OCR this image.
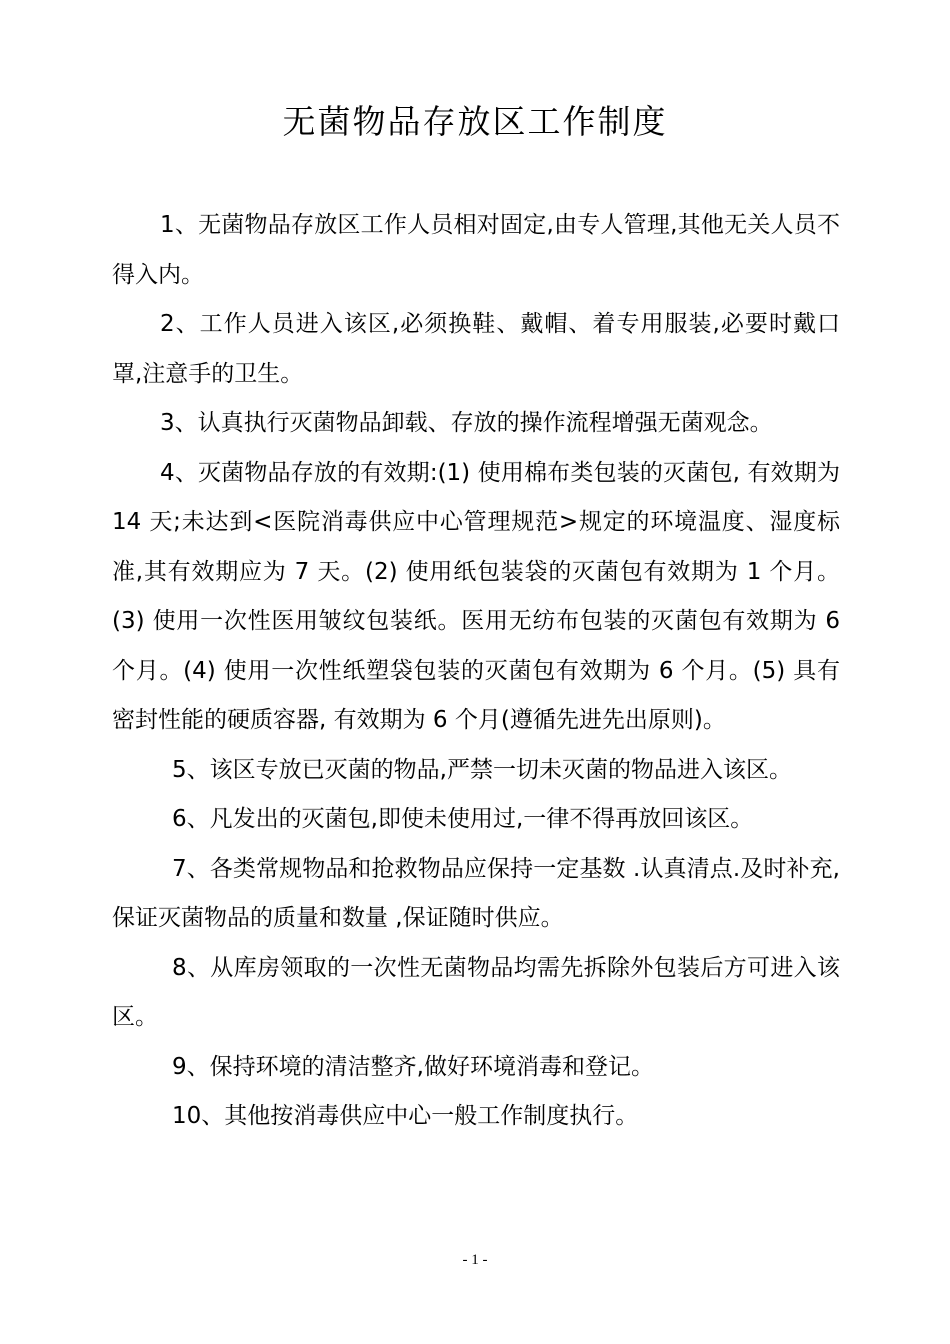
无菌物品存放区工作制度

1、无菌物品存放区工作人员相对固定,由专人管理,其他无关人员不得入内。

2、工作人员进入该区,必须换鞋、戴帽、着专用服装,必要时戴口罩,注意手的卫生。

3、认真执行灭菌物品卸载、存放的操作流程增强无菌观念。

4、灭菌物品存放的有效期:(1) 使用棉布类包装的灭菌包, 有效期为 14 天;未达到<医院消毒供应中心管理规范>规定的环境温度、湿度标准,其有效期应为 7 天。(2) 使用纸包装袋的灭菌包有效期为 1 个月。(3) 使用一次性医用皱纹包装纸。医用无纺布包装的灭菌包有效期为 6 个月。(4) 使用一次性纸塑袋包装的灭菌包有效期为 6 个月。(5) 具有密封性能的硬质容器, 有效期为 6 个月(遵循先进先出原则)。

5、该区专放已灭菌的物品,严禁一切未灭菌的物品进入该区。

6、凡发出的灭菌包,即使未使用过,一律不得再放回该区。

7、各类常规物品和抢救物品应保持一定基数 .认真清点.及时补充,保证灭菌物品的质量和数量 ,保证随时供应。

8、从库房领取的一次性无菌物品均需先拆除外包装后方可进入该区。

9、保持环境的清洁整齐,做好环境消毒和登记。

10、其他按消毒供应中心一般工作制度执行。

- 1 -
